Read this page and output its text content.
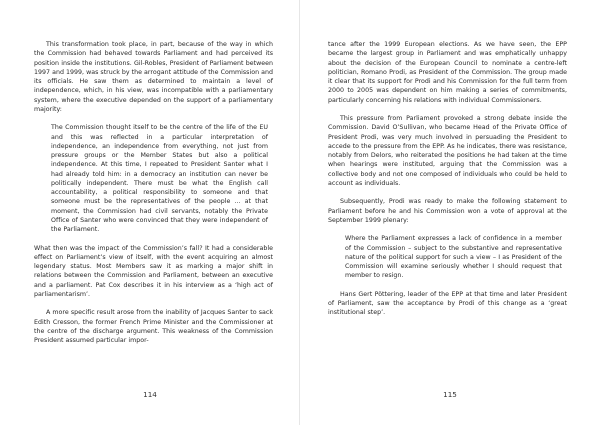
This transformation took place, in part, because of the way in which the Commission had behaved towards Parliament and had perceived its position inside the institutions. Gil-Robles, President of Parliament between 1997 and 1999, was struck by the arrogant attitude of the Commission and its officials. He saw them as determined to maintain a level of independence, which, in his view, was incompatible with a parliamentary system, where the executive depended on the support of a parliamentary majority:

The Commission thought itself to be the centre of the life of the EU and this was reflected in a particular interpretation of independence, an independence from everything, not just from pressure groups or the Member States but also a political independence. At this time, I repeated to President Santer what I had already told him: in a democracy an institution can never be politically independent. There must be what the English call accountability, a political responsibility to someone and that someone must be the representatives of the people ... at that moment, the Commission had civil servants, notably the Private Office of Santer who were convinced that they were independent of the Parliament.

What then was the impact of the Commission’s fall? It had a considerable effect on Parliament’s view of itself, with the event acquiring an almost legendary status. Most Members saw it as marking a major shift in relations between the Commission and Parliament, between an executive and a parliament. Pat Cox describes it in his interview as a ‘high act of parliamentarism’.

A more specific result arose from the inability of Jacques Santer to sack Edith Cresson, the former French Prime Minister and the Commissioner at the centre of the discharge argument. This weakness of the Commission President assumed particular impor-

114

tance after the 1999 European elections. As we have seen, the EPP became the largest group in Parliament and was emphatically unhappy about the decision of the European Council to nominate a centre-left politician, Romano Prodi, as President of the Commission. The group made it clear that its support for Prodi and his Commission for the full term from 2000 to 2005 was dependent on him making a series of commitments, particularly concerning his relations with individual Commissioners.

This pressure from Parliament provoked a strong debate inside the Commission. David O’Sullivan, who became Head of the Private Office of President Prodi, was very much involved in persuading the President to accede to the pressure from the EPP. As he indicates, there was resistance, notably from Delors, who reiterated the positions he had taken at the time when hearings were instituted, arguing that the Commission was a collective body and not one composed of individuals who could be held to account as individuals.

Subsequently, Prodi was ready to make the following statement to Parliament before he and his Commission won a vote of approval at the September 1999 plenary:

Where the Parliament expresses a lack of confidence in a member of the Commission – subject to the substantive and representative nature of the political support for such a view – I as President of the Commission will examine seriously whether I should request that member to resign.

Hans Gert Pöttering, leader of the EPP at that time and later President of Parliament, saw the acceptance by Prodi of this change as a ‘great institutional step’.

115
